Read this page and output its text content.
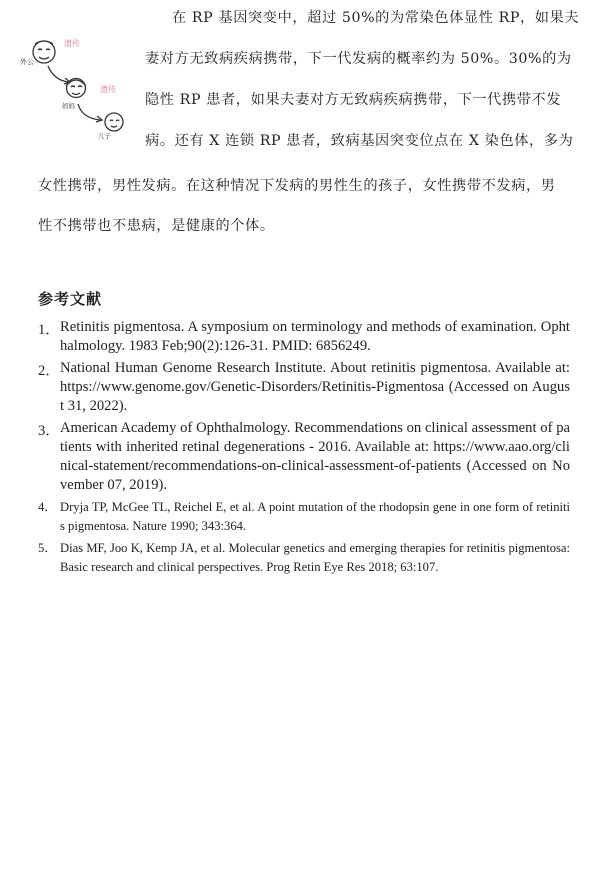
外公
遗传
妈妈
遗传
儿子
在 RP 基因突变中，超过 50%的为常染色体显性 RP，如果夫
妻对方无致病疾病携带，下一代发病的概率约为 50%。30%的为
隐性 RP 患者，如果夫妻对方无致病疾病携带，下一代携带不发
病。还有 X 连锁 RP 患者，致病基因突变位点在 X 染色体，多为
女性携带，男性发病。在这种情况下发病的男性生的孩子，女性携带不发病，男
性不携带也不患病，是健康的个体。
参考文献
1． Retinitis pigmentosa. A symposium on terminology and methods of examination. Ophthalmology. 1983 Feb;90(2):126-31. PMID: 6856249.
2． National Human Genome Research Institute. About retinitis pigmentosa. Available at: https://www.genome.gov/Genetic-Disorders/Retinitis-Pigmentosa (Accessed on August 31, 2022).
3． American Academy of Ophthalmology. Recommendations on clinical assessment of patients with inherited retinal degenerations - 2016. Available at: https://www.aao.org/clinical-statement/recommendations-on-clinical-assessment-of-patients (Accessed on November 07, 2019).
4． Dryja TP, McGee TL, Reichel E, et al. A point mutation of the rhodopsin gene in one form of retinitis pigmentosa. Nature 1990; 343:364.
5． Dias MF, Joo K, Kemp JA, et al. Molecular genetics and emerging therapies for retinitis pigmentosa: Basic research and clinical perspectives. Prog Retin Eye Res 2018; 63:107.
